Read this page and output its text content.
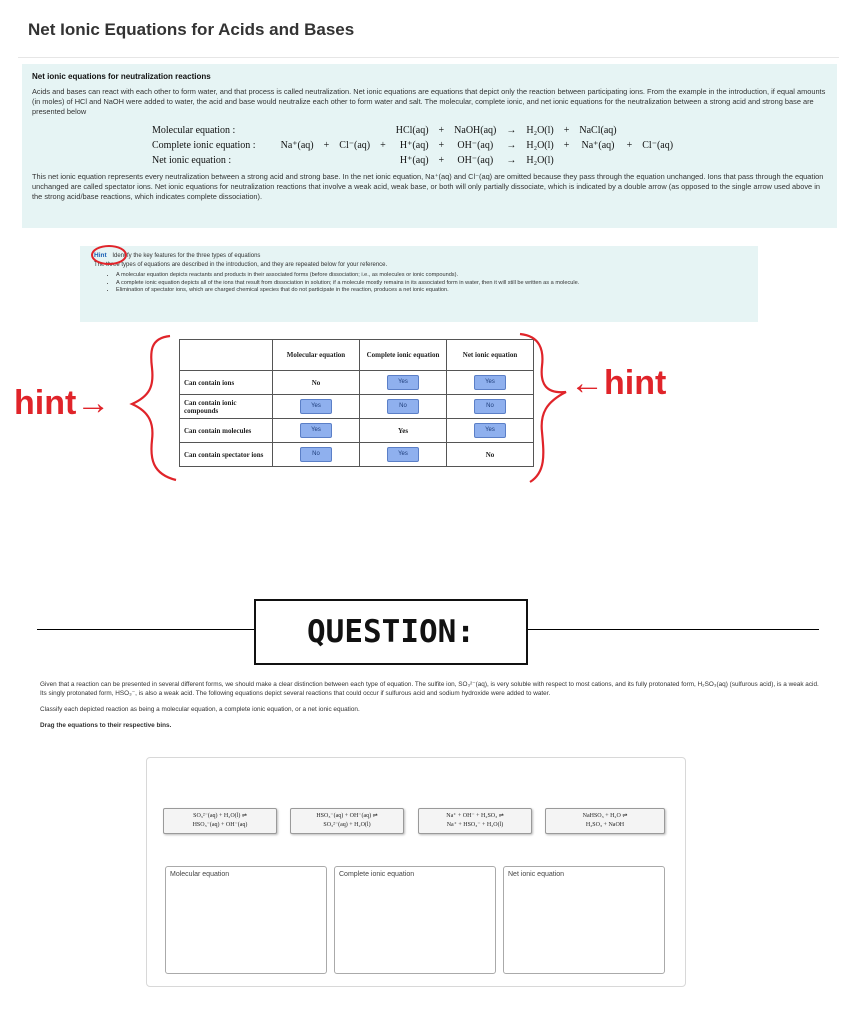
Net Ionic Equations for Acids and Bases

Net ionic equations for neutralization reactions

Acids and bases can react with each other to form water, and that process is called neutralization. Net ionic equations are equations that depict only the reaction between participating ions. From the example in the introduction, if equal amounts (in moles) of HCl and NaOH were added to water, the acid and base would neutralize each other to form water and salt. The molecular, complete ionic, and net ionic equations for the neutralization between a strong acid and strong base are presented below

Molecular equation :					HCl(aq)	+	NaOH(aq)	→	H₂O(l)	+	NaCl(aq)		
Complete ionic equation :	Na⁺(aq)	+	Cl⁻(aq)	+	H⁺(aq)	+	OH⁻(aq)	→	H₂O(l)	+	Na⁺(aq)	+	Cl⁻(aq)
Net ionic equation :					H⁺(aq)	+	OH⁻(aq)	→	H₂O(l)				

This net ionic equation represents every neutralization between a strong acid and strong base. In the net ionic equation, Na⁺(aq) and Cl⁻(aq) are omitted because they pass through the equation unchanged. Ions that pass through the equation unchanged are called spectator ions. Net ionic equations for neutralization reactions that involve a weak acid, weak base, or both will only partially dissociate, which is indicated by a double arrow (as opposed to the single arrow used above in the strong acid/base reactions, which indicates complete dissociation).

Hint Identify the key features for the three types of equations

The three types of equations are described in the introduction, and they are repeated below for your reference.

• A molecular equation depicts reactants and products in their associated forms (before dissociation; i.e., as molecules or ionic compounds).
• A complete ionic equation depicts all of the ions that result from dissociation in solution; if a molecule mostly remains in its associated form in water, then it will still be written as a molecule.
• Elimination of spectator ions, which are charged chemical species that do not participate in the reaction, produces a net ionic equation.
	Molecular equation	Complete ionic equation	Net ionic equation
Can contain ions	No	Yes	Yes
Can contain ionic compounds	Yes	No	No
Can contain molecules	Yes	Yes	Yes
Can contain spectator ions	No	Yes	No
hint→
←hint
QUESTION:

Given that a reaction can be presented in several different forms, we should make a clear distinction between each type of equation. The sulfite ion, SO₃²⁻(aq), is very soluble with respect to most cations, and its fully protonated form, H₂SO₃(aq) (sulfurous acid), is a weak acid. Its singly protonated form, HSO₃⁻, is also a weak acid. The following equations depict several reactions that could occur if sulfurous acid and sodium hydroxide were added to water.

Classify each depicted reaction as being a molecular equation, a complete ionic equation, or a net ionic equation.

Drag the equations to their respective bins.

SO₃²⁻(aq) + H₂O(l) ⇌
HSO₃⁻(aq) + OH⁻(aq)
HSO₃⁻(aq) + OH⁻(aq) ⇌
SO₃²⁻(aq) + H₂O(l)
Na⁺ + OH⁻ + H₂SO₃ ⇌
Na⁺ + HSO₃⁻ + H₂O(l)
NaHSO₃ + H₂O ⇌
H₂SO₃ + NaOH
Molecular equation	Complete ionic equation	Net ionic equation
